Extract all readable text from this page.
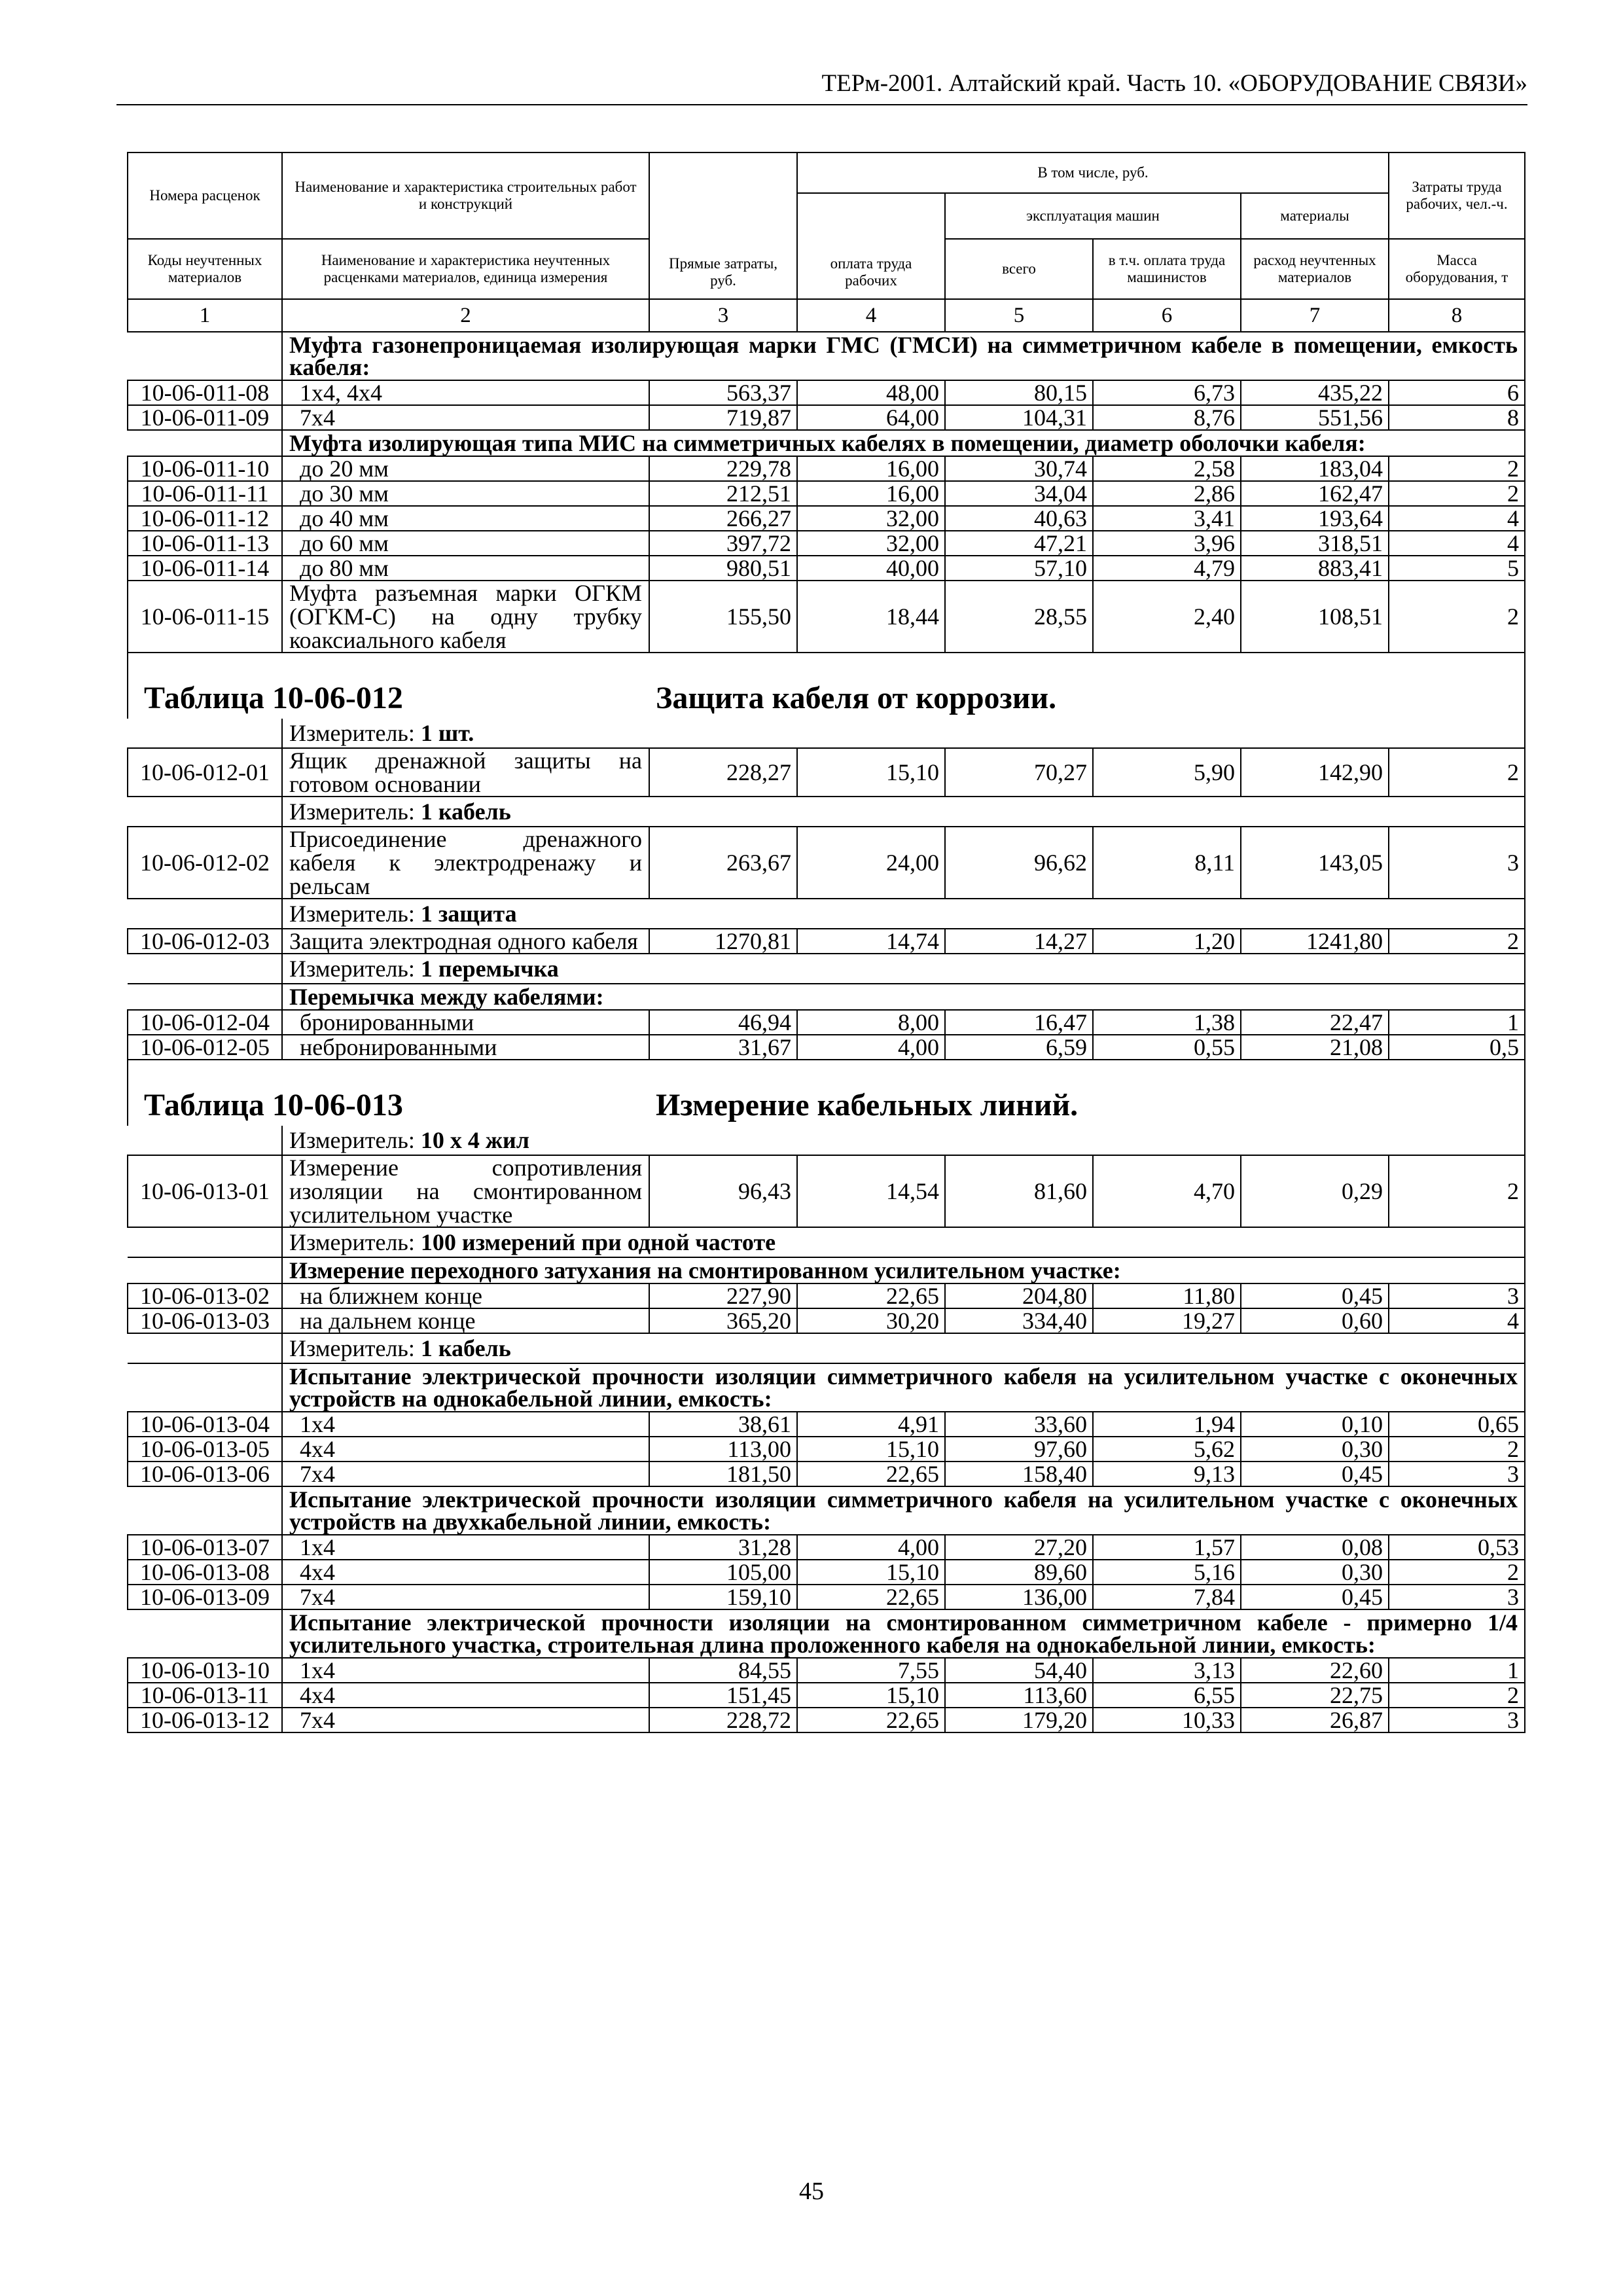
ТЕРм-2001. Алтайский край. Часть 10. «ОБОРУДОВАНИЕ СВЯЗИ»
Номера расценок	Наименование и характеристика строительных работ и конструкций	Прямые затраты, руб.	В том числе, руб.				Затраты труда рабочих, чел.-ч.
			оплата труда рабочих	эксплуатация машин		материалы	
Коды неучтенных материалов	Наименование и характеристика неучтенных расценками материалов, единица измерения			всего	в т.ч. оплата труда машинистов	расход неучтенных материалов	Масса оборудования, т
1	2	3	4	5	6	7	8
	Муфта газонепроницаемая изолирующая марки ГМС (ГМСИ) на симметричном кабеле в помещении, емкость кабеля:						
10-06-011-08	1х4, 4х4	563,37	48,00	80,15	6,73	435,22	6
10-06-011-09	7х4	719,87	64,00	104,31	8,76	551,56	8
	Муфта изолирующая типа МИС на симметричных кабелях в помещении, диаметр оболочки кабеля:						
10-06-011-10	до 20 мм	229,78	16,00	30,74	2,58	183,04	2
10-06-011-11	до 30 мм	212,51	16,00	34,04	2,86	162,47	2
10-06-011-12	до 40 мм	266,27	32,00	40,63	3,41	193,64	4
10-06-011-13	до 60 мм	397,72	32,00	47,21	3,96	318,51	4
10-06-011-14	до 80 мм	980,51	40,00	57,10	4,79	883,41	5
10-06-011-15	Муфта разъемная марки ОГКМ (ОГКМ-С) на одну трубку коаксиального кабеля	155,50	18,44	28,55	2,40	108,51	2

Таблица 10-06-012 Защита кабеля от коррозии.							

	Измеритель: 1 шт.						
10-06-012-01	Ящик дренажной защиты на готовом основании	228,27	15,10	70,27	5,90	142,90	2
	Измеритель: 1 кабель						
10-06-012-02	Присоединение дренажного кабеля к электродренажу и рельсам	263,67	24,00	96,62	8,11	143,05	3
	Измеритель: 1 защита						
10-06-012-03	Защита электродная одного кабеля	1270,81	14,74	14,27	1,20	1241,80	2
	Измеритель: 1 перемычка						
	Перемычка между кабелями:						
10-06-012-04	бронированными	46,94	8,00	16,47	1,38	22,47	1
10-06-012-05	небронированными	31,67	4,00	6,59	0,55	21,08	0,5

Таблица 10-06-013 Измерение кабельных линий.							

	Измеритель: 10 x 4 жил						
10-06-013-01	Измерение сопротивления изоляции на смонтированном усилительном участке	96,43	14,54	81,60	4,70	0,29	2
	Измеритель: 100 измерений при одной частоте						
	Измерение переходного затухания на смонтированном усилительном участке:						
10-06-013-02	на ближнем конце	227,90	22,65	204,80	11,80	0,45	3
10-06-013-03	на дальнем конце	365,20	30,20	334,40	19,27	0,60	4
	Измеритель: 1 кабель						
	Испытание электрической прочности изоляции симметричного кабеля на усилительном участке с оконечных устройств на однокабельной линии, емкость:						
10-06-013-04	1х4	38,61	4,91	33,60	1,94	0,10	0,65
10-06-013-05	4х4	113,00	15,10	97,60	5,62	0,30	2
10-06-013-06	7х4	181,50	22,65	158,40	9,13	0,45	3
	Испытание электрической прочности изоляции симметричного кабеля на усилительном участке с оконечных устройств на двухкабельной линии, емкость:						
10-06-013-07	1х4	31,28	4,00	27,20	1,57	0,08	0,53
10-06-013-08	4х4	105,00	15,10	89,60	5,16	0,30	2
10-06-013-09	7х4	159,10	22,65	136,00	7,84	0,45	3
	Испытание электрической прочности изоляции на смонтированном симметричном кабеле - примерно 1/4 усилительного участка, строительная длина проложенного кабеля на однокабельной линии, емкость:						
10-06-013-10	1х4	84,55	7,55	54,40	3,13	22,60	1
10-06-013-11	4х4	151,45	15,10	113,60	6,55	22,75	2
10-06-013-12	7х4	228,72	22,65	179,20	10,33	26,87	3
45
